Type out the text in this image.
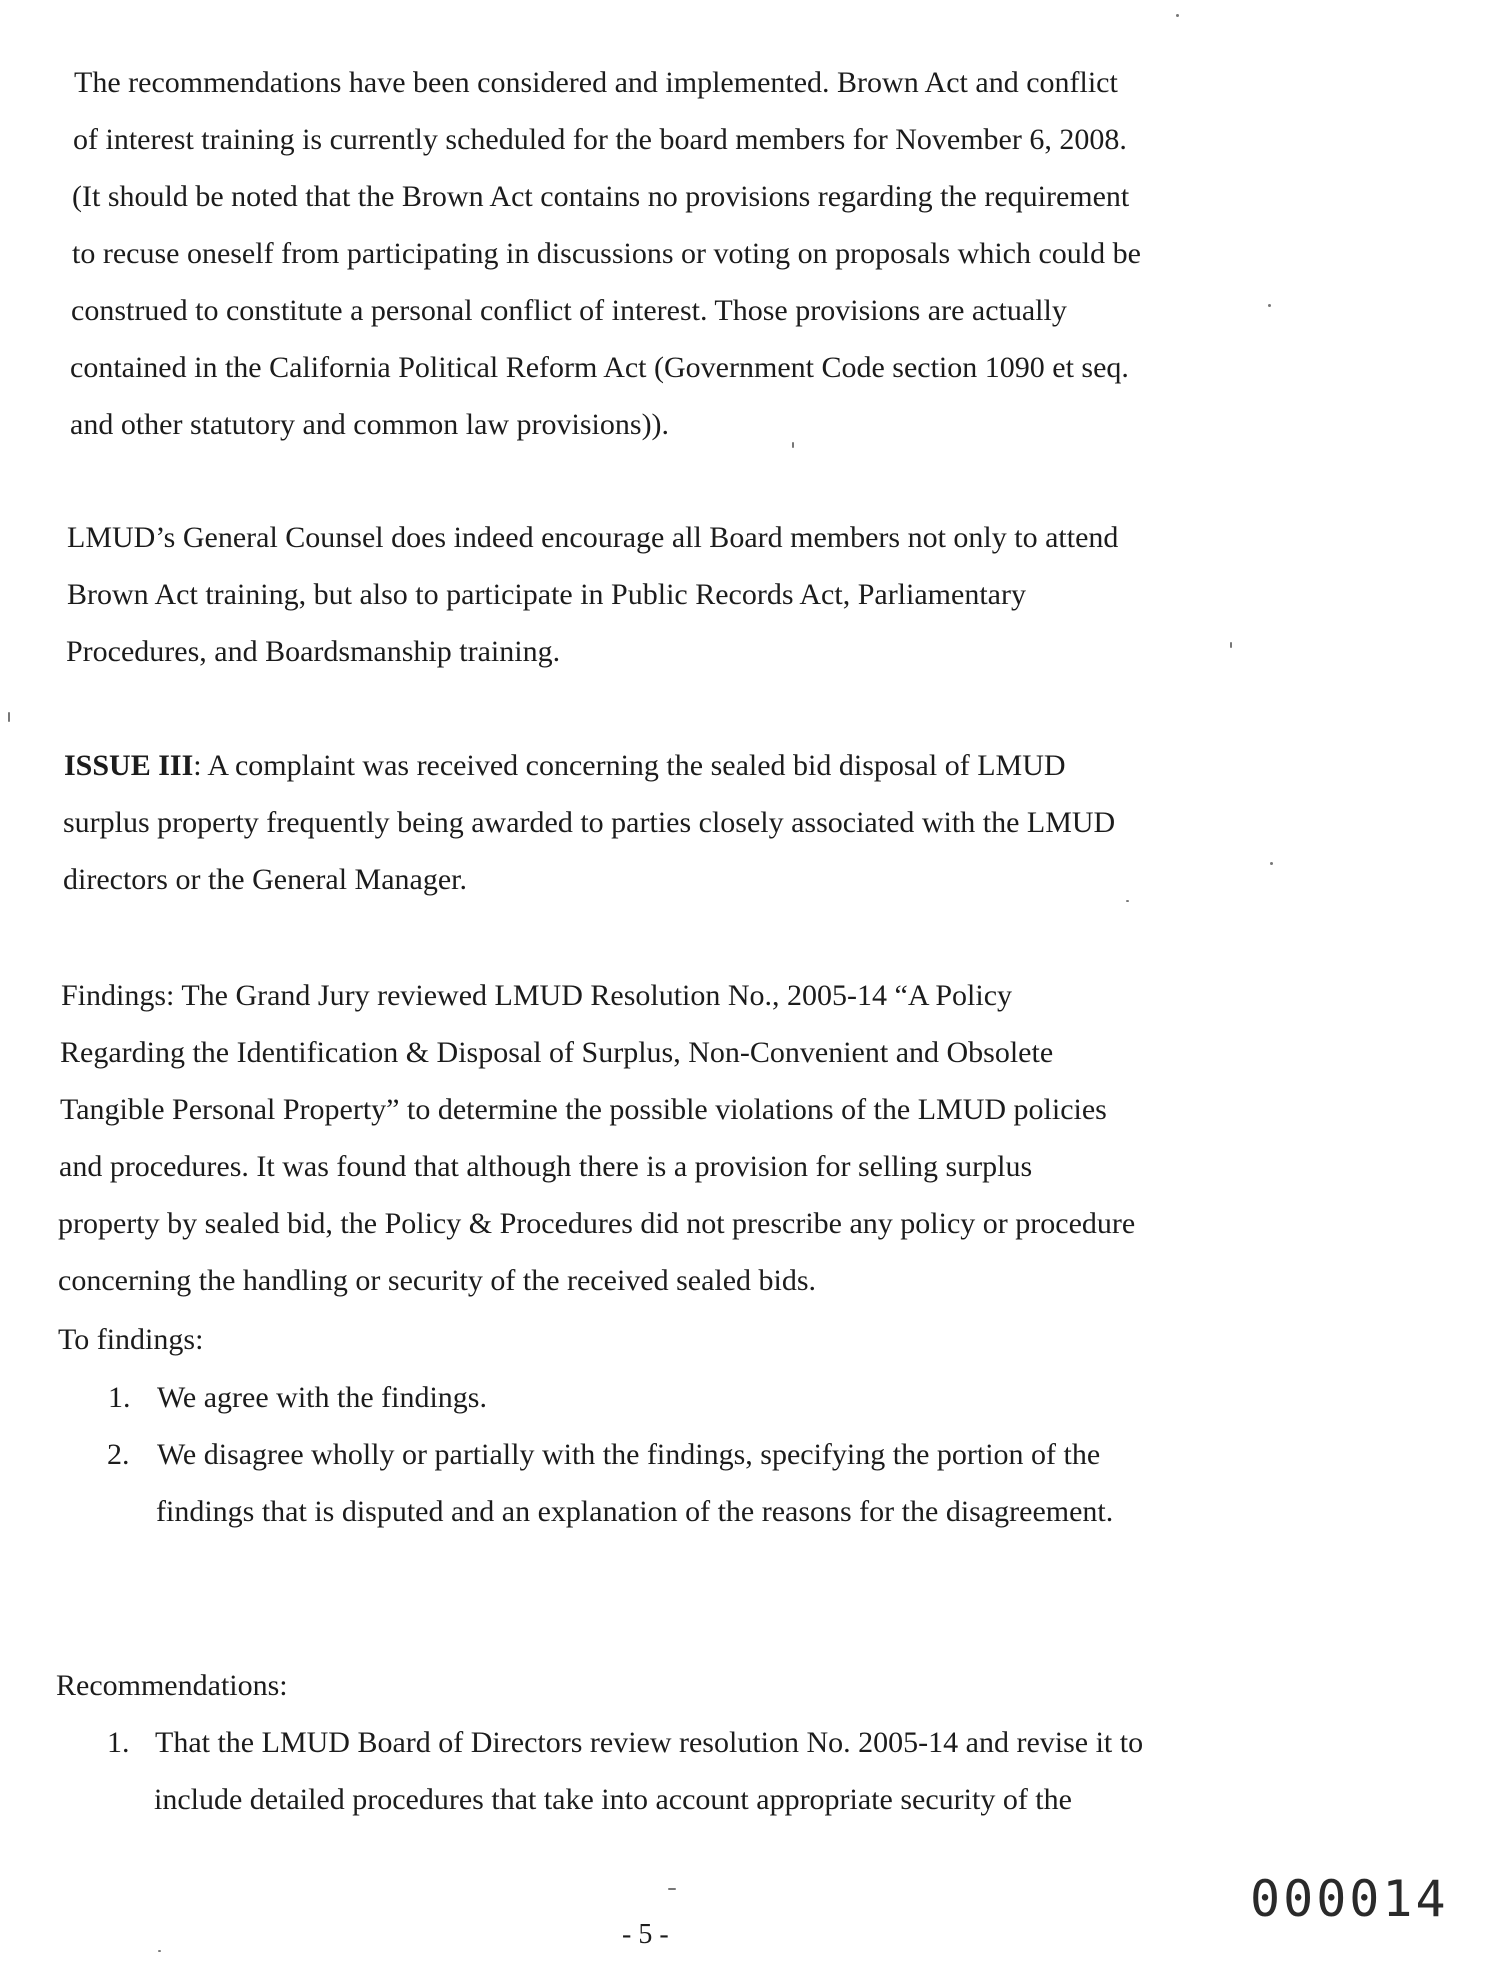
The recommendations have been considered and implemented. Brown Act and conflict
of interest training is currently scheduled for the board members for November 6, 2008.
(It should be noted that the Brown Act contains no provisions regarding the requirement
to recuse oneself from participating in discussions or voting on proposals which could be
construed to constitute a personal conflict of interest. Those provisions are actually
contained in the California Political Reform Act (Government Code section 1090 et seq.
and other statutory and common law provisions)).
LMUD’s General Counsel does indeed encourage all Board members not only to attend
Brown Act training, but also to participate in Public Records Act, Parliamentary
Procedures, and Boardsmanship training.
ISSUE III: A complaint was received concerning the sealed bid disposal of LMUD
surplus property frequently being awarded to parties closely associated with the LMUD
directors or the General Manager.
Findings: The Grand Jury reviewed LMUD Resolution No., 2005-14 “A Policy
Regarding the Identification & Disposal of Surplus, Non-Convenient and Obsolete
Tangible Personal Property” to determine the possible violations of the LMUD policies
and procedures. It was found that although there is a provision for selling surplus
property by sealed bid, the Policy & Procedures did not prescribe any policy or procedure
concerning the handling or security of the received sealed bids.
To findings:
1. We agree with the findings.
2. We disagree wholly or partially with the findings, specifying the portion of the
findings that is disputed and an explanation of the reasons for the disagreement.
Recommendations:
1. That the LMUD Board of Directors review resolution No. 2005-14 and revise it to
include detailed procedures that take into account appropriate security of the
- 5 -
000014
